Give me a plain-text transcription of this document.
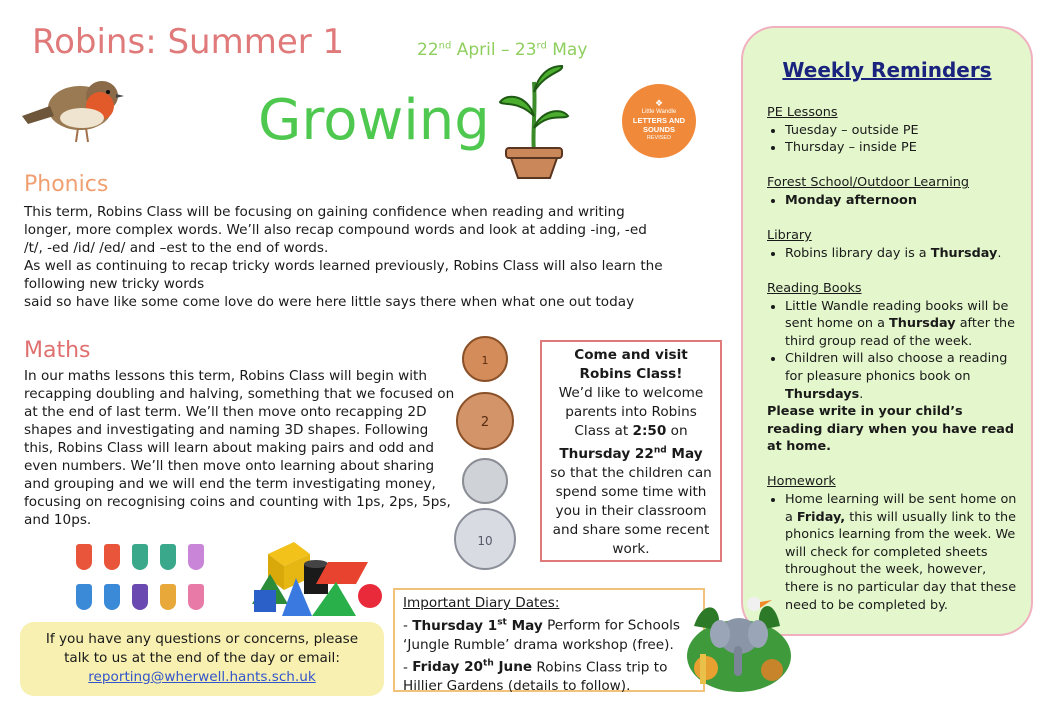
Robins: Summer 1	22nd April – 23rd May
Growing	❖
Little Wandle
LETTERS AND
SOUNDS
REVISED
Phonics
This term, Robins Class will be focusing on gaining confidence when reading and writing longer, more complex words. We’ll also recap compound words and look at adding -ing, -ed /t/, -ed /id/ /ed/ and –est to the end of words.
As well as continuing to recap tricky words learned previously, Robins Class will also learn the following new tricky words
said so have like some come love do were here little says there when what one out today
Maths
In our maths lessons this term, Robins Class will begin with recapping doubling and halving, something that we focused on at the end of last term. We’ll then move onto recapping 2D shapes and investigating and naming 3D shapes. Following this, Robins Class will learn about making pairs and odd and even numbers. We’ll then move onto learning about sharing and grouping and we will end the term investigating money, focusing on recognising coins and counting with 1ps, 2ps, 5ps, and 10ps.
1
2
10
Come and visit Robins Class!
We’d like to welcome parents into Robins Class at 2:50 on Thursday 22nd May so that the children can spend some time with you in their classroom and share some recent work.
Weekly Reminders

PE Lessons

• Tuesday – outside PE
• Thursday – inside PE

Forest School/Outdoor Learning

• Monday afternoon

Library

• Robins library day is a Thursday.

Reading Books

• Little Wandle reading books will be sent home on a Thursday after the third group read of the week.
• Children will also choose a reading for pleasure phonics book on Thursdays.

Please write in your child’s reading diary when you have read at home.

Homework

• Home learning will be sent home on a Friday, this will usually link to the phonics learning from the week. We will check for completed sheets throughout the week, however, there is no particular day that these need to be completed by.
If you have any questions or concerns, please talk to us at the end of the day or email:
reporting@wherwell.hants.sch.uk
Important Diary Dates:
- Thursday 1st May Perform for Schools ‘Jungle Rumble’ drama workshop (free).
- Friday 20th June Robins Class trip to Hillier Gardens (details to follow).
